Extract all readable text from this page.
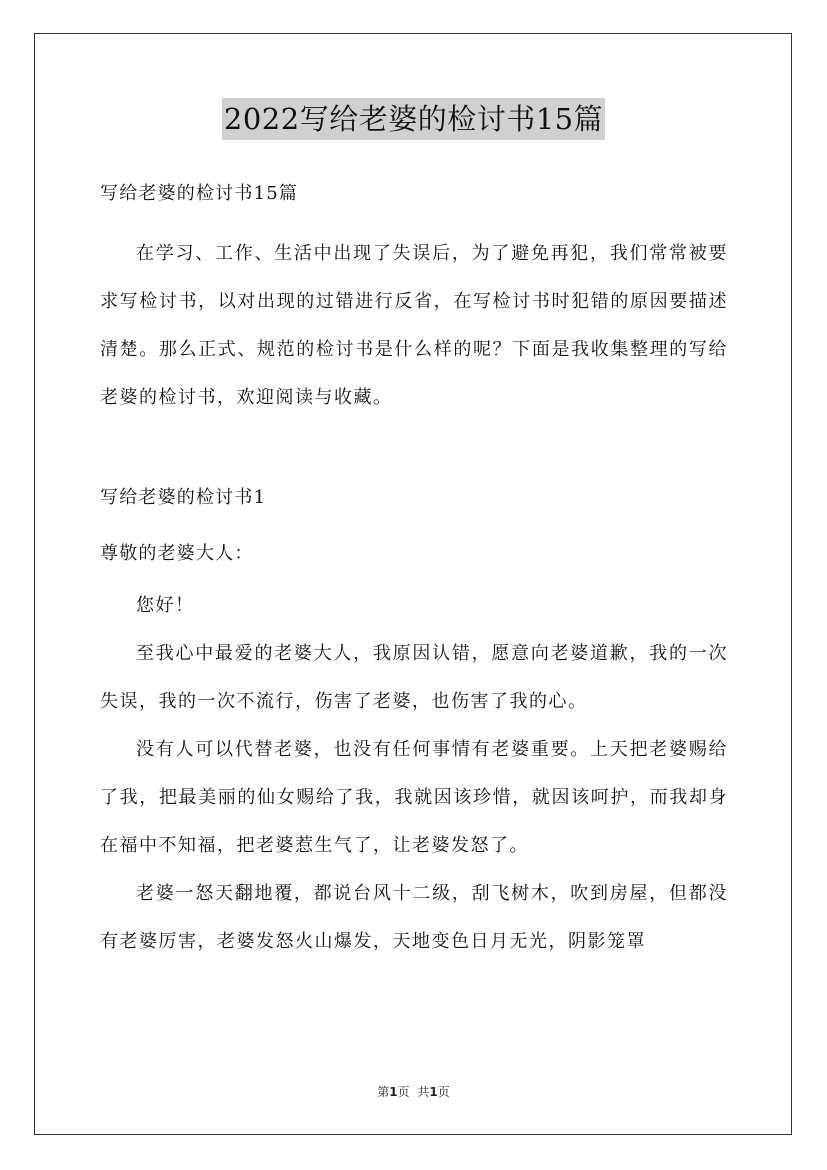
2022写给老婆的检讨书15篇
写给老婆的检讨书15篇

在学习、工作、生活中出现了失误后，为了避免再犯，我们常常被要求写检讨书，以对出现的过错进行反省，在写检讨书时犯错的原因要描述清楚。那么正式、规范的检讨书是什么样的呢？下面是我收集整理的写给老婆的检讨书，欢迎阅读与收藏。

写给老婆的检讨书1
尊敬的老婆大人：

您好！

至我心中最爱的老婆大人，我原因认错，愿意向老婆道歉，我的一次失误，我的一次不流行，伤害了老婆，也伤害了我的心。

没有人可以代替老婆，也没有任何事情有老婆重要。上天把老婆赐给了我，把最美丽的仙女赐给了我，我就因该珍惜，就因该呵护，而我却身在福中不知福，把老婆惹生气了，让老婆发怒了。

老婆一怒天翻地覆，都说台风十二级，刮飞树木，吹到房屋，但都没有老婆厉害，老婆发怒火山爆发，天地变色日月无光，阴影笼罩

第1页 共1页
